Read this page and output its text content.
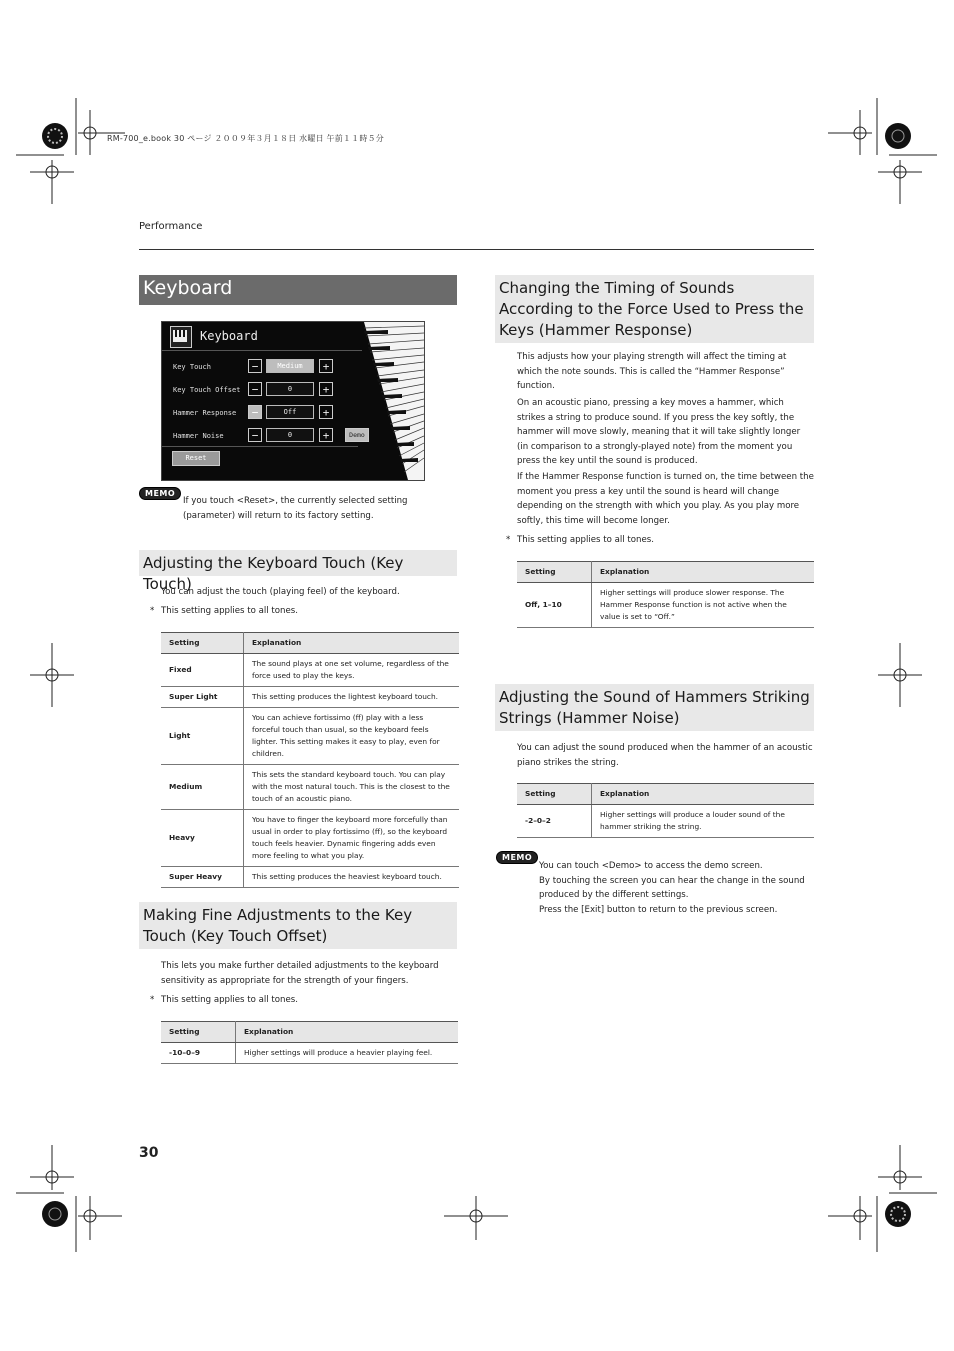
RM-700_e.book 30 ページ ２００９年３月１８日 水曜日 午前１１時５分
Performance
Keyboard
Keyboard
Key Touch	−	Medium	+
Key Touch Offset	−	0	+
Hammer Response	−	Off	+
Hammer Noise	−	0	+	Demo
Reset
MEMO
If you touch <Reset>, the currently selected setting (parameter) will return to its factory setting.
Adjusting the Keyboard Touch (Key Touch)
You can adjust the touch (playing feel) of the keyboard.
* This setting applies to all tones.
Setting	Explanation
Fixed	The sound plays at one set volume, regardless of the force used to play the keys.
Super Light	This setting produces the lightest keyboard touch.
Light	You can achieve fortissimo (ff) play with a less forceful touch than usual, so the keyboard feels lighter. This setting makes it easy to play, even for children.
Medium	This sets the standard keyboard touch. You can play with the most natural touch. This is the closest to the touch of an acoustic piano.
Heavy	You have to finger the keyboard more forcefully than usual in order to play fortissimo (ff), so the keyboard touch feels heavier. Dynamic fingering adds even more feeling to what you play.
Super Heavy	This setting produces the heaviest keyboard touch.
Making Fine Adjustments to the Key Touch (Key Touch Offset)
This lets you make further detailed adjustments to the keyboard sensitivity as appropriate for the strength of your fingers.
* This setting applies to all tones.
Setting	Explanation
-10–0–9	Higher settings will produce a heavier playing feel.
30
Changing the Timing of Sounds According to the Force Used to Press the Keys (Hammer Response)
This adjusts how your playing strength will affect the timing at which the note sounds. This is called the “Hammer Response” function.
On an acoustic piano, pressing a key moves a hammer, which strikes a string to produce sound. If you press the key softly, the hammer will move slowly, meaning that it will take slightly longer (in comparison to a strongly-played note) from the moment you press the key until the sound is produced.
If the Hammer Response function is turned on, the time between the moment you press a key until the sound is heard will change depending on the strength with which you play. As you play more softly, this time will become longer.
* This setting applies to all tones.
Setting	Explanation
Off, 1–10	Higher settings will produce slower response. The Hammer Response function is not active when the value is set to “Off.”
Adjusting the Sound of Hammers Striking Strings (Hammer Noise)
You can adjust the sound produced when the hammer of an acoustic piano strikes the string.
Setting	Explanation
-2–0–2	Higher settings will produce a louder sound of the hammer striking the string.
MEMO
You can touch <Demo> to access the demo screen.
By touching the screen you can hear the change in the sound produced by the different settings.
Press the [Exit] button to return to the previous screen.
